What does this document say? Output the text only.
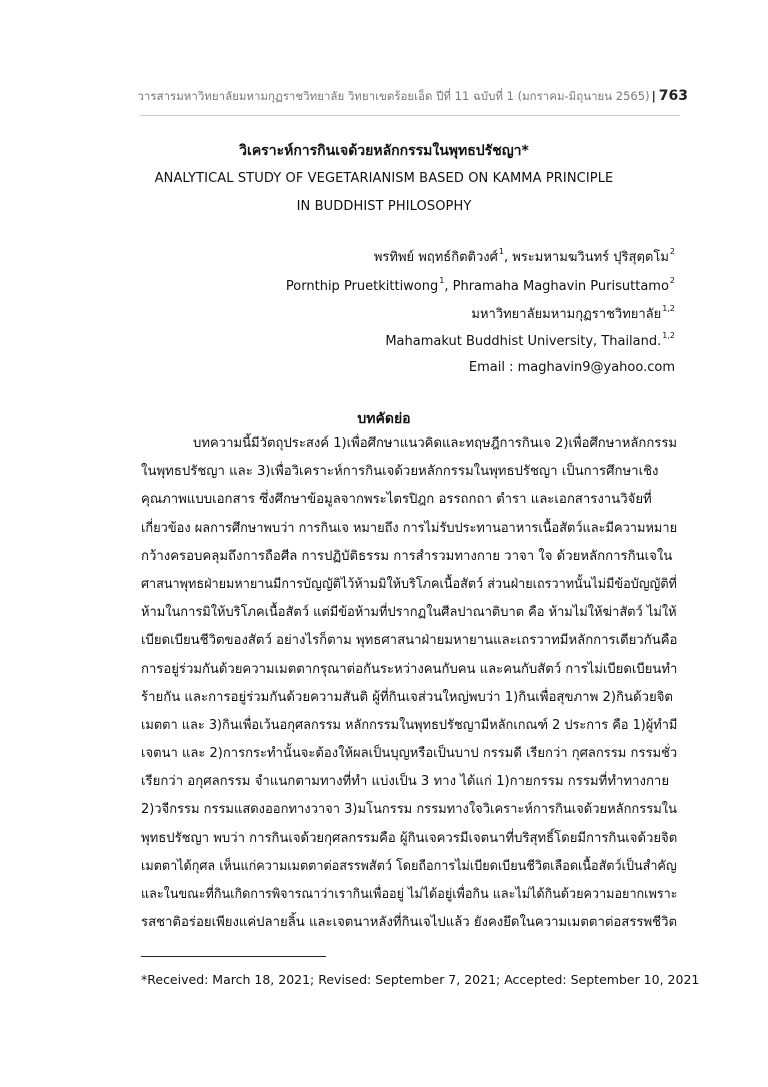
วารสารมหาวิทยาลัยมหามกุฏราชวิทยาลัย วิทยาเขตร้อยเอ็ด ปีที่ 11 ฉบับที่ 1 (มกราคม-มิถุนายน 2565) | 763
วิเคราะห์การกินเจด้วยหลักกรรมในพุทธปรัชญา*
ANALYTICAL STUDY OF VEGETARIANISM BASED ON KAMMA PRINCIPLE
IN BUDDHIST PHILOSOPHY
พรทิพย์ พฤทธ์กิตติวงศ์$^1$, พระมหามฆวินทร์ ปุริสุตฺตโม$^2$
Pornthip Pruetkittiwong$^1$, Phramaha Maghavin Purisuttamo$^2$
มหาวิทยาลัยมหามกุฏราชวิทยาลัย$^{1,2}$
Mahamakut Buddhist University, Thailand.$^{1,2}$
Email : maghavin9@yahoo.com
บทคัดย่อ
บทความนี้มีวัตถุประสงค์ 1)เพื่อศึกษาแนวคิดและทฤษฎีการกินเจ 2)เพื่อศึกษาหลักกรรม
ในพุทธปรัชญา และ 3)เพื่อวิเคราะห์การกินเจด้วยหลักกรรมในพุทธปรัชญา เป็นการศึกษาเชิง
คุณภาพแบบเอกสาร ซึ่งศึกษาข้อมูลจากพระไตรปิฎก อรรถกถา ตำรา และเอกสารงานวิจัยที่
เกี่ยวข้อง ผลการศึกษาพบว่า การกินเจ หมายถึง การไม่รับประทานอาหารเนื้อสัตว์และมีความหมาย
กว้างครอบคลุมถึงการถือศีล การปฏิบัติธรรม การสำรวมทางกาย วาจา ใจ ด้วยหลักการกินเจใน
ศาสนาพุทธฝ่ายมหายานมีการบัญญัติไว้ห้ามมิให้บริโภคเนื้อสัตว์ ส่วนฝ่ายเถรวาทนั้นไม่มีข้อบัญญัติที่
ห้ามในการมิให้บริโภคเนื้อสัตว์ แต่มีข้อห้ามที่ปรากฏในศีลปาณาติบาต คือ ห้ามไม่ให้ฆ่าสัตว์ ไม่ให้
เบียดเบียนชีวิตของสัตว์ อย่างไรก็ตาม พุทธศาสนาฝ่ายมหายานและเถรวาทมีหลักการเดียวกันคือ
การอยู่ร่วมกันด้วยความเมตตากรุณาต่อกันระหว่างคนกับคน และคนกับสัตว์ การไม่เบียดเบียนทำ
ร้ายกัน และการอยู่ร่วมกันด้วยความสันติ ผู้ที่กินเจส่วนใหญ่พบว่า 1)กินเพื่อสุขภาพ 2)กินด้วยจิต
เมตตา และ 3)กินเพื่อเว้นอกุศลกรรม หลักกรรมในพุทธปรัชญามีหลักเกณฑ์ 2 ประการ คือ 1)ผู้ทำมี
เจตนา และ 2)การกระทำนั้นจะต้องให้ผลเป็นบุญหรือเป็นบาป กรรมดี เรียกว่า กุศลกรรม กรรมชั่ว
เรียกว่า อกุศลกรรม จำแนกตามทางที่ทำ แบ่งเป็น 3 ทาง ได้แก่ 1)กายกรรม กรรมที่ทำทางกาย
2)วจีกรรม กรรมแสดงออกทางวาจา 3)มโนกรรม กรรมทางใจวิเคราะห์การกินเจด้วยหลักกรรมใน
พุทธปรัชญา พบว่า การกินเจด้วยกุศลกรรมคือ ผู้กินเจควรมีเจตนาที่บริสุทธิ์โดยมีการกินเจด้วยจิต
เมตตาได้กุศล เห็นแก่ความเมตตาต่อสรรพสัตว์ โดยถือการไม่เบียดเบียนชีวิตเลือดเนื้อสัตว์เป็นสำคัญ
และในขณะที่กินเกิดการพิจารณาว่าเรากินเพื่ออยู่ ไม่ได้อยู่เพื่อกิน และไม่ได้กินด้วยความอยากเพราะ
รสชาติอร่อยเพียงแค่ปลายลิ้น และเจตนาหลังที่กินเจไปแล้ว ยังคงยึดในความเมตตาต่อสรรพชีวิต
*Received: March 18, 2021; Revised: September 7, 2021; Accepted: September 10, 2021
